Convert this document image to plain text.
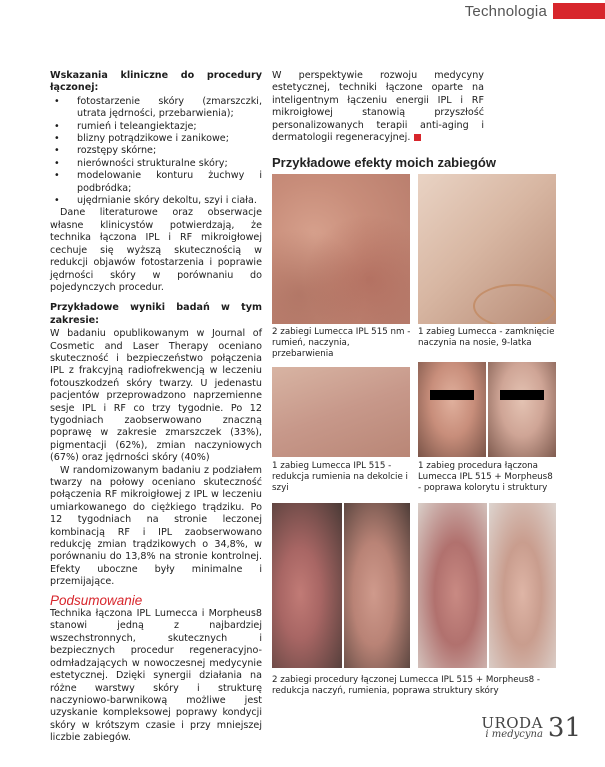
Technologia

Wskazania kliniczne do procedury łączonej:

• fotostarzenie skóry (zmarszczki, utrata jędrności, przebarwienia);
• rumień i teleangiektazje;
• blizny potrądzikowe i zanikowe;
• rozstępy skórne;
• nierówności strukturalne skóry;
• modelowanie konturu żuchwy i podbródka;
• ujędrnianie skóry dekoltu, szyi i ciała.

Dane literaturowe oraz obserwacje własne klinicystów potwierdzają, że technika łączona IPL i RF mikroigłowej cechuje się wyższą skutecznością w redukcji objawów fotostarzenia i poprawie jędrności skóry w porównaniu do pojedynczych procedur.

Przykładowe wyniki badań w tym zakresie:

W badaniu opublikowanym w Journal of Cosmetic and Laser Therapy oceniano skuteczność i bezpieczeństwo połączenia IPL z frakcyjną radiofrekwencją w leczeniu fotouszkodzeń skóry twarzy. U jedenastu pacjentów przeprowadzono naprzemienne sesje IPL i RF co trzy tygodnie. Po 12 tygodniach zaobserwowano znaczną poprawę w zakresie zmarszczek (33%), pigmentacji (62%), zmian naczyniowych (67%) oraz jędrności skóry (40%)

W randomizowanym badaniu z podziałem twarzy na połowy oceniano skuteczność połączenia RF mikroigłowej z IPL w leczeniu umiarkowanego do ciężkiego trądziku. Po 12 tygodniach na stronie leczonej kombinacją RF i IPL zaobserwowano redukcję zmian trądzikowych o 34,8%, w porównaniu do 13,8% na stronie kontrolnej. Efekty uboczne były minimalne i przemijające.

Podsumowanie

Technika łączona IPL Lumecca i Morpheus8 stanowi jedną z najbardziej wszechstronnych, skutecznych i bezpiecznych procedur regeneracyjno-odmładzających w nowoczesnej medycynie estetycznej. Dzięki synergii działania na różne warstwy skóry i strukturę naczyniowo-barwnikową możliwe jest uzyskanie kompleksowej poprawy kondycji skóry w krótszym czasie i przy mniejszej liczbie zabiegów.

W perspektywie rozwoju medycyny estetycznej, techniki łączone oparte na inteligentnym łączeniu energii IPL i RF mikroigłowej stanowią przyszłość personalizowanych terapii anti-aging i dermatologii regeneracyjnej.

Przykładowe efekty moich zabiegów
2 zabiegi Lumecca IPL 515 nm - rumień, naczynia, przebarwienia
1 zabieg Lumecca - zamknięcie naczynia na nosie, 9-latka
1 zabieg Lumecca IPL 515 - redukcja rumienia na dekolcie i szyi
1 zabieg procedura łączona Lumecca IPL 515 + Morpheus8 - poprawa kolorytu i struktury
2 zabiegi procedury łączonej Lumecca IPL 515 + Morpheus8 - redukcja naczyń, rumienia, poprawa struktury skóry
URODA
i medycyna 31
